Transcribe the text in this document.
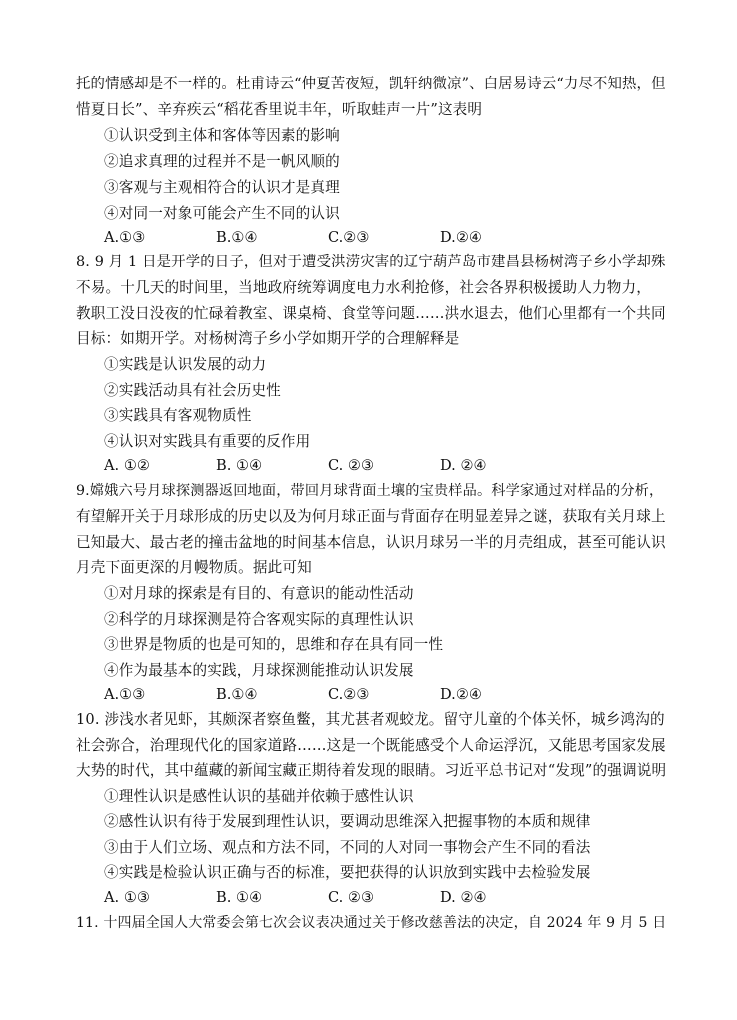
托的情感却是不一样的。杜甫诗云“仲夏苦夜短，凯轩纳微凉”、白居易诗云“力尽不知热，但
惜夏日长”、辛弃疾云“稻花香里说丰年，听取蛙声一片”这表明
①认识受到主体和客体等因素的影响
②追求真理的过程并不是一帆风顺的
③客观与主观相符合的认识才是真理
④对同一对象可能会产生不同的认识
A.①③	B.①④	C.②③	D.②④
8. 9 月 1 日是开学的日子，但对于遭受洪涝灾害的辽宁葫芦岛市建昌县杨树湾子乡小学却殊
不易。十几天的时间里，当地政府统筹调度电力水利抢修，社会各界积极援助人力物力，
教职工没日没夜的忙碌着教室、课桌椅、食堂等问题……洪水退去，他们心里都有一个共同
目标：如期开学。对杨树湾子乡小学如期开学的合理解释是
①实践是认识发展的动力
②实践活动具有社会历史性
③实践具有客观物质性
④认识对实践具有重要的反作用
A. ①②	B. ①④	C. ②③	D. ②④
9.嫦娥六号月球探测器返回地面，带回月球背面土壤的宝贵样品。科学家通过对样品的分析，
有望解开关于月球形成的历史以及为何月球正面与背面存在明显差异之谜，获取有关月球上
已知最大、最古老的撞击盆地的时间基本信息，认识月球另一半的月壳组成，甚至可能认识
月壳下面更深的月幔物质。据此可知
①对月球的探索是有目的、有意识的能动性活动
②科学的月球探测是符合客观实际的真理性认识
③世界是物质的也是可知的，思维和存在具有同一性
④作为最基本的实践，月球探测能推动认识发展
A.①③	B.①④	C.②③	D.②④
10. 涉浅水者见虾，其颇深者察鱼鳖，其尤甚者观蛟龙。留守儿童的个体关怀，城乡鸿沟的
社会弥合，治理现代化的国家道路……这是一个既能感受个人命运浮沉，又能思考国家发展
大势的时代，其中蕴藏的新闻宝藏正期待着发现的眼睛。习近平总书记对“发现”的强调说明
①理性认识是感性认识的基础并依赖于感性认识
②感性认识有待于发展到理性认识，要调动思维深入把握事物的本质和规律
③由于人们立场、观点和方法不同，不同的人对同一事物会产生不同的看法
④实践是检验认识正确与否的标准，要把获得的认识放到实践中去检验发展
A. ①③	B. ①④	C. ②③	D. ②④
11. 十四届全国人大常委会第七次会议表决通过关于修改慈善法的决定，自 2024 年 9 月 5 日
